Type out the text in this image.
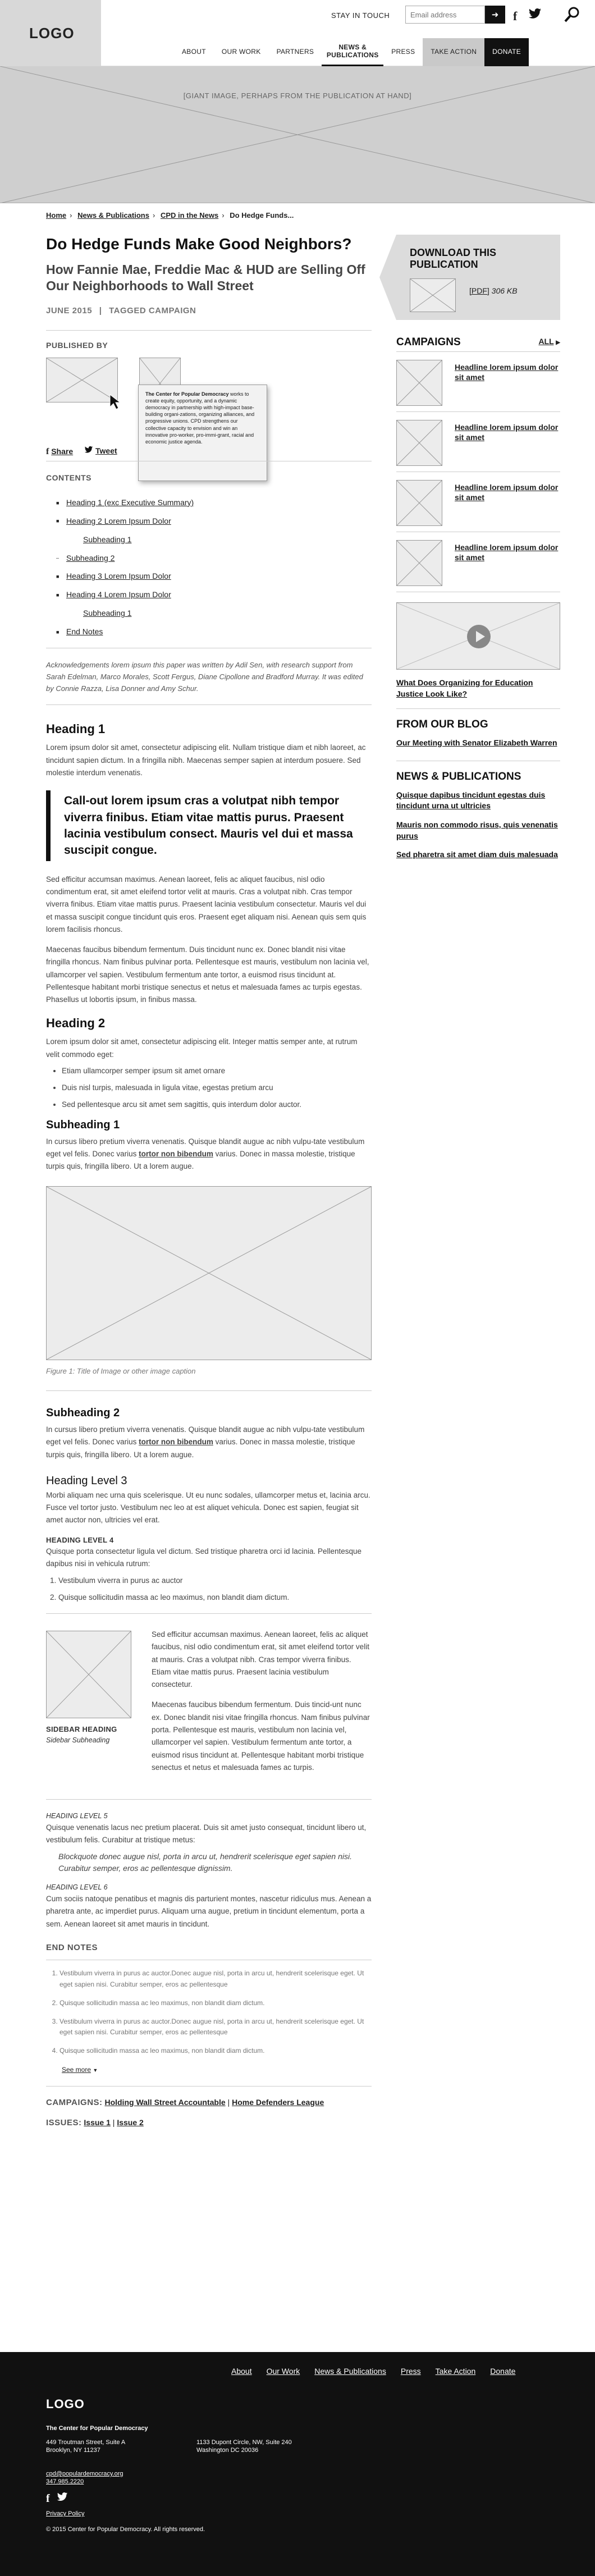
LOGO
STAY IN TOUCH
Email address	➜	f
ABOUT	OUR WORK	PARTNERS
NEWS & PUBLICATIONS	PRESS	TAKE ACTION	DONATE
[GIANT IMAGE, PERHAPS FROM THE PUBLICATION AT HAND]
Home › News & Publications › CPD in the News › Do Hedge Funds...
Do Hedge Funds Make Good Neighbors?
How Fannie Mae, Freddie Mac & HUD are Selling Off Our Neighborhoods to Wall Street
JUNE 2015 | TAGGED CAMPAIGN
PUBLISHED BY
The Center for Popular Democracy works to create equity, opportunity, and a dynamic democracy in partnership with high-impact base-building organi-zations, organizing alliances, and progressive unions. CPD strengthens our collective capacity to envision and win an innovative pro-worker, pro-immi-grant, racial and economic justice agenda.
f Share	Tweet
CONTENTS
■ Heading 1 (exc Executive Summary)
■ Heading 2 Lorem Ipsum Dolor
Subheading 1
– Subheading 2
■ Heading 3 Lorem Ipsum Dolor
■ Heading 4 Lorem Ipsum Dolor
Subheading 1
■ End Notes

Acknowledgements lorem ipsum this paper was written by Adil Sen, with research support from Sarah Edelman, Marco Morales, Scott Fergus, Diane Cipollone and Bradford Murray. It was edited by Connie Razza, Lisa Donner and Amy Schur.

Heading 1

Lorem ipsum dolor sit amet, consectetur adipiscing elit. Nullam tristique diam et nibh laoreet, ac tincidunt sapien dictum. In a fringilla nibh. Maecenas semper sapien at interdum posuere. Sed molestie interdum venenatis.

Call-out lorem ipsum cras a volutpat nibh tempor viverra finibus. Etiam vitae mattis purus. Praesent lacinia vestibulum consect. Mauris vel dui et massa suscipit congue.

Sed efficitur accumsan maximus. Aenean laoreet, felis ac aliquet faucibus, nisl odio condimentum erat, sit amet eleifend tortor velit at mauris. Cras a volutpat nibh. Cras tempor viverra finibus. Etiam vitae mattis purus. Praesent lacinia vestibulum consectetur. Mauris vel dui et massa suscipit congue tincidunt quis eros. Praesent eget aliquam nisi. Aenean quis sem quis lorem facilisis rhoncus.

Maecenas faucibus bibendum fermentum. Duis tincidunt nunc ex. Donec blandit nisi vitae fringilla rhoncus. Nam finibus pulvinar porta. Pellentesque est mauris, vestibulum non lacinia vel, ullamcorper vel sapien. Vestibulum fermentum ante tortor, a euismod risus tincidunt at. Pellentesque habitant morbi tristique senectus et netus et malesuada fames ac turpis egestas. Phasellus ut lobortis ipsum, in finibus massa.

Heading 2

Lorem ipsum dolor sit amet, consectetur adipiscing elit. Integer mattis semper ante, at rutrum velit commodo eget:

• Etiam ullamcorper semper ipsum sit amet ornare
• Duis nisl turpis, malesuada in ligula vitae, egestas pretium arcu
• Sed pellentesque arcu sit amet sem sagittis, quis interdum dolor auctor.
Subheading 1

In cursus libero pretium viverra venenatis. Quisque blandit augue ac nibh vulpu-tate vestibulum eget vel felis. Donec varius tortor non bibendum varius. Donec in massa molestie, tristique turpis quis, fringilla libero. Ut a lorem augue.

Figure 1: Title of Image or other image caption
Subheading 2

In cursus libero pretium viverra venenatis. Quisque blandit augue ac nibh vulpu-tate vestibulum eget vel felis. Donec varius tortor non bibendum varius. Donec in massa molestie, tristique turpis quis, fringilla libero. Ut a lorem augue.

Heading Level 3

Morbi aliquam nec urna quis scelerisque. Ut eu nunc sodales, ullamcorper metus et, lacinia arcu. Fusce vel tortor justo. Vestibulum nec leo at est aliquet vehicula. Donec est sapien, feugiat sit amet auctor non, ultricies vel erat.

HEADING LEVEL 4

Quisque porta consectetur ligula vel dictum. Sed tristique pharetra orci id lacinia. Pellentesque dapibus nisi in vehicula rutrum:

1. Vestibulum viverra in purus ac auctor
2. Quisque sollicitudin massa ac leo maximus, non blandit diam dictum.
SIDEBAR HEADING
Sidebar Subheading

Sed efficitur accumsan maximus. Aenean laoreet, felis ac aliquet faucibus, nisl odio condimentum erat, sit amet eleifend tortor velit at mauris. Cras a volutpat nibh. Cras tempor viverra finibus. Etiam vitae mattis purus. Praesent lacinia vestibulum consectetur.

Maecenas faucibus bibendum fermentum. Duis tincid-unt nunc ex. Donec blandit nisi vitae fringilla rhoncus. Nam finibus pulvinar porta. Pellentesque est mauris, vestibulum non lacinia vel, ullamcorper vel sapien. Vestibulum fermentum ante tortor, a euismod risus tincidunt at. Pellentesque habitant morbi tristique senectus et netus et malesuada fames ac turpis.

HEADING LEVEL 5

Quisque venenatis lacus nec pretium placerat. Duis sit amet justo consequat, tincidunt libero ut, vestibulum felis. Curabitur at tristique metus:

Blockquote donec augue nisl, porta in arcu ut, hendrerit scelerisque eget sapien nisi. Curabitur semper, eros ac pellentesque dignissim.
HEADING LEVEL 6

Cum sociis natoque penatibus et magnis dis parturient montes, nascetur ridiculus mus. Aenean a pharetra ante, ac imperdiet purus. Aliquam urna augue, pretium in tincidunt elementum, porta a sem. Aenean laoreet sit amet mauris in tincidunt.

END NOTES
1. Vestibulum viverra in purus ac auctor.Donec augue nisl, porta in arcu ut, hendrerit scelerisque eget. Ut eget sapien nisi. Curabitur semper, eros ac pellentesque
2. Quisque sollicitudin massa ac leo maximus, non blandit diam dictum.
3. Vestibulum viverra in purus ac auctor.Donec augue nisl, porta in arcu ut, hendrerit scelerisque eget. Ut eget sapien nisi. Curabitur semper, eros ac pellentesque
4. Quisque sollicitudin massa ac leo maximus, non blandit diam dictum.
See more ▼
CAMPAIGNS: Holding Wall Street Accountable | Home Defenders League
ISSUES: Issue 1 | Issue 2
DOWNLOAD THIS PUBLICATION
[PDF] 306 KB
CAMPAIGNS	ALL ▶
Headline lorem ipsum dolor sit amet
Headline lorem ipsum dolor sit amet
Headline lorem ipsum dolor sit amet
Headline lorem ipsum dolor sit amet
What Does Organizing for Education Justice Look Like?
FROM OUR BLOG
Our Meeting with Senator Elizabeth Warren
NEWS & PUBLICATIONS
Quisque dapibus tincidunt egestas duis tincidunt urna ut ultricies
Mauris non commodo risus, quis venenatis purus
Sed pharetra sit amet diam duis malesuada
About Our Work News & Publications Press Take Action Donate
LOGO
The Center for Popular Democracy
449 Troutman Street, Suite A
Brooklyn, NY 11237
1133 Dupont Circle, NW, Suite 240
Washington DC 20036
cpd@populardemocracy.org
347.985.2220
f
Privacy Policy
© 2015 Center for Popular Democracy. All rights reserved.
